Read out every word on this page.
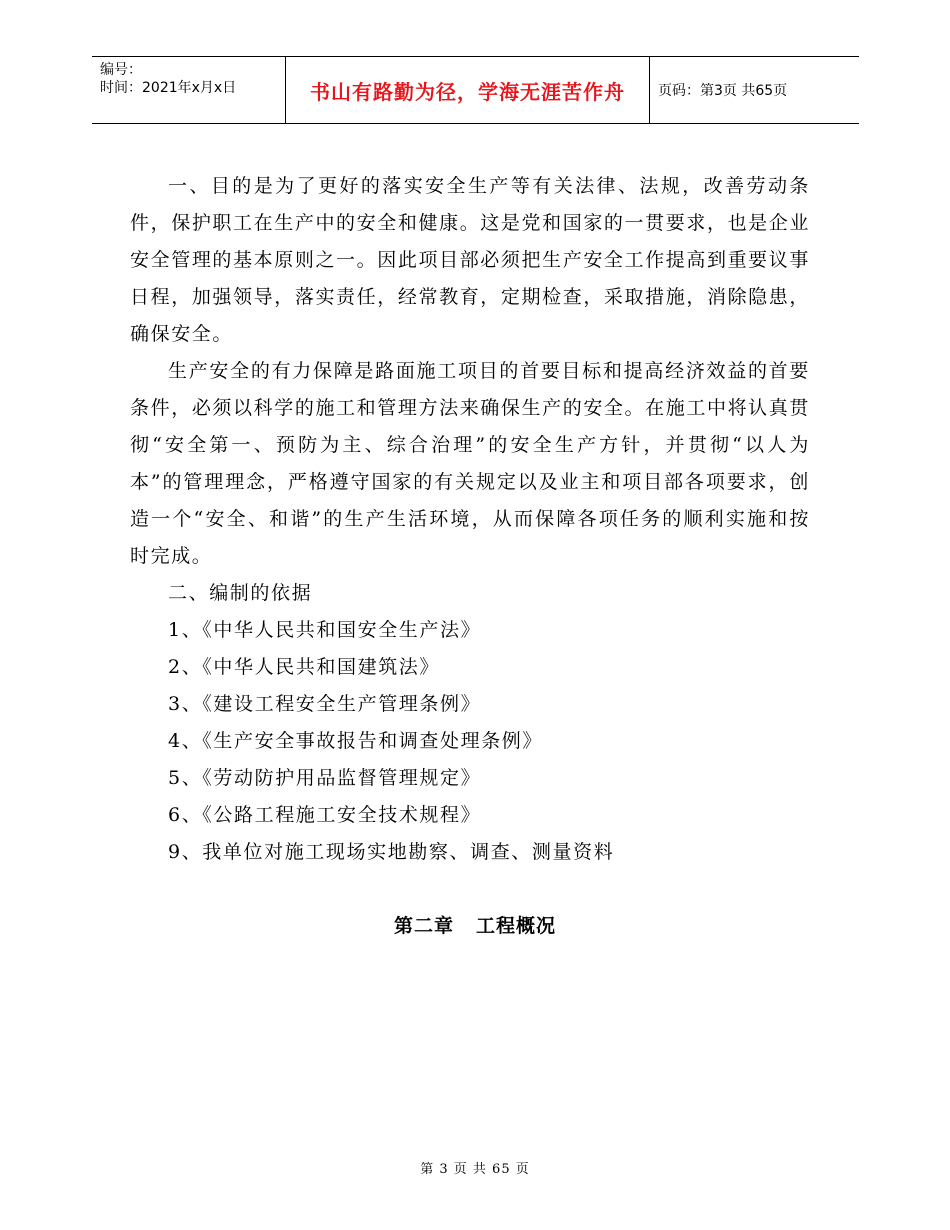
编号：
时间：2021年x月x日	书山有路勤为径，学海无涯苦作舟	页码：第3页 共65页

一、目的是为了更好的落实安全生产等有关法律、法规，改善劳动条件，保护职工在生产中的安全和健康。这是党和国家的一贯要求，也是企业安全管理的基本原则之一。因此项目部必须把生产安全工作提高到重要议事日程，加强领导，落实责任，经常教育，定期检查，采取措施，消除隐患，确保安全。

生产安全的有力保障是路面施工项目的首要目标和提高经济效益的首要条件，必须以科学的施工和管理方法来确保生产的安全。在施工中将认真贯彻“安全第一、预防为主、综合治理”的安全生产方针，并贯彻“以人为本”的管理理念，严格遵守国家的有关规定以及业主和项目部各项要求，创造一个“安全、和谐”的生产生活环境，从而保障各项任务的顺利实施和按时完成。

二、编制的依据

1、《中华人民共和国安全生产法》

2、《中华人民共和国建筑法》

3、《建设工程安全生产管理条例》

4、《生产安全事故报告和调查处理条例》

5、《劳动防护用品监督管理规定》

6、《公路工程施工安全技术规程》

9、我单位对施工现场实地勘察、调查、测量资料

第二章 工程概况
第 3 页 共 65 页
